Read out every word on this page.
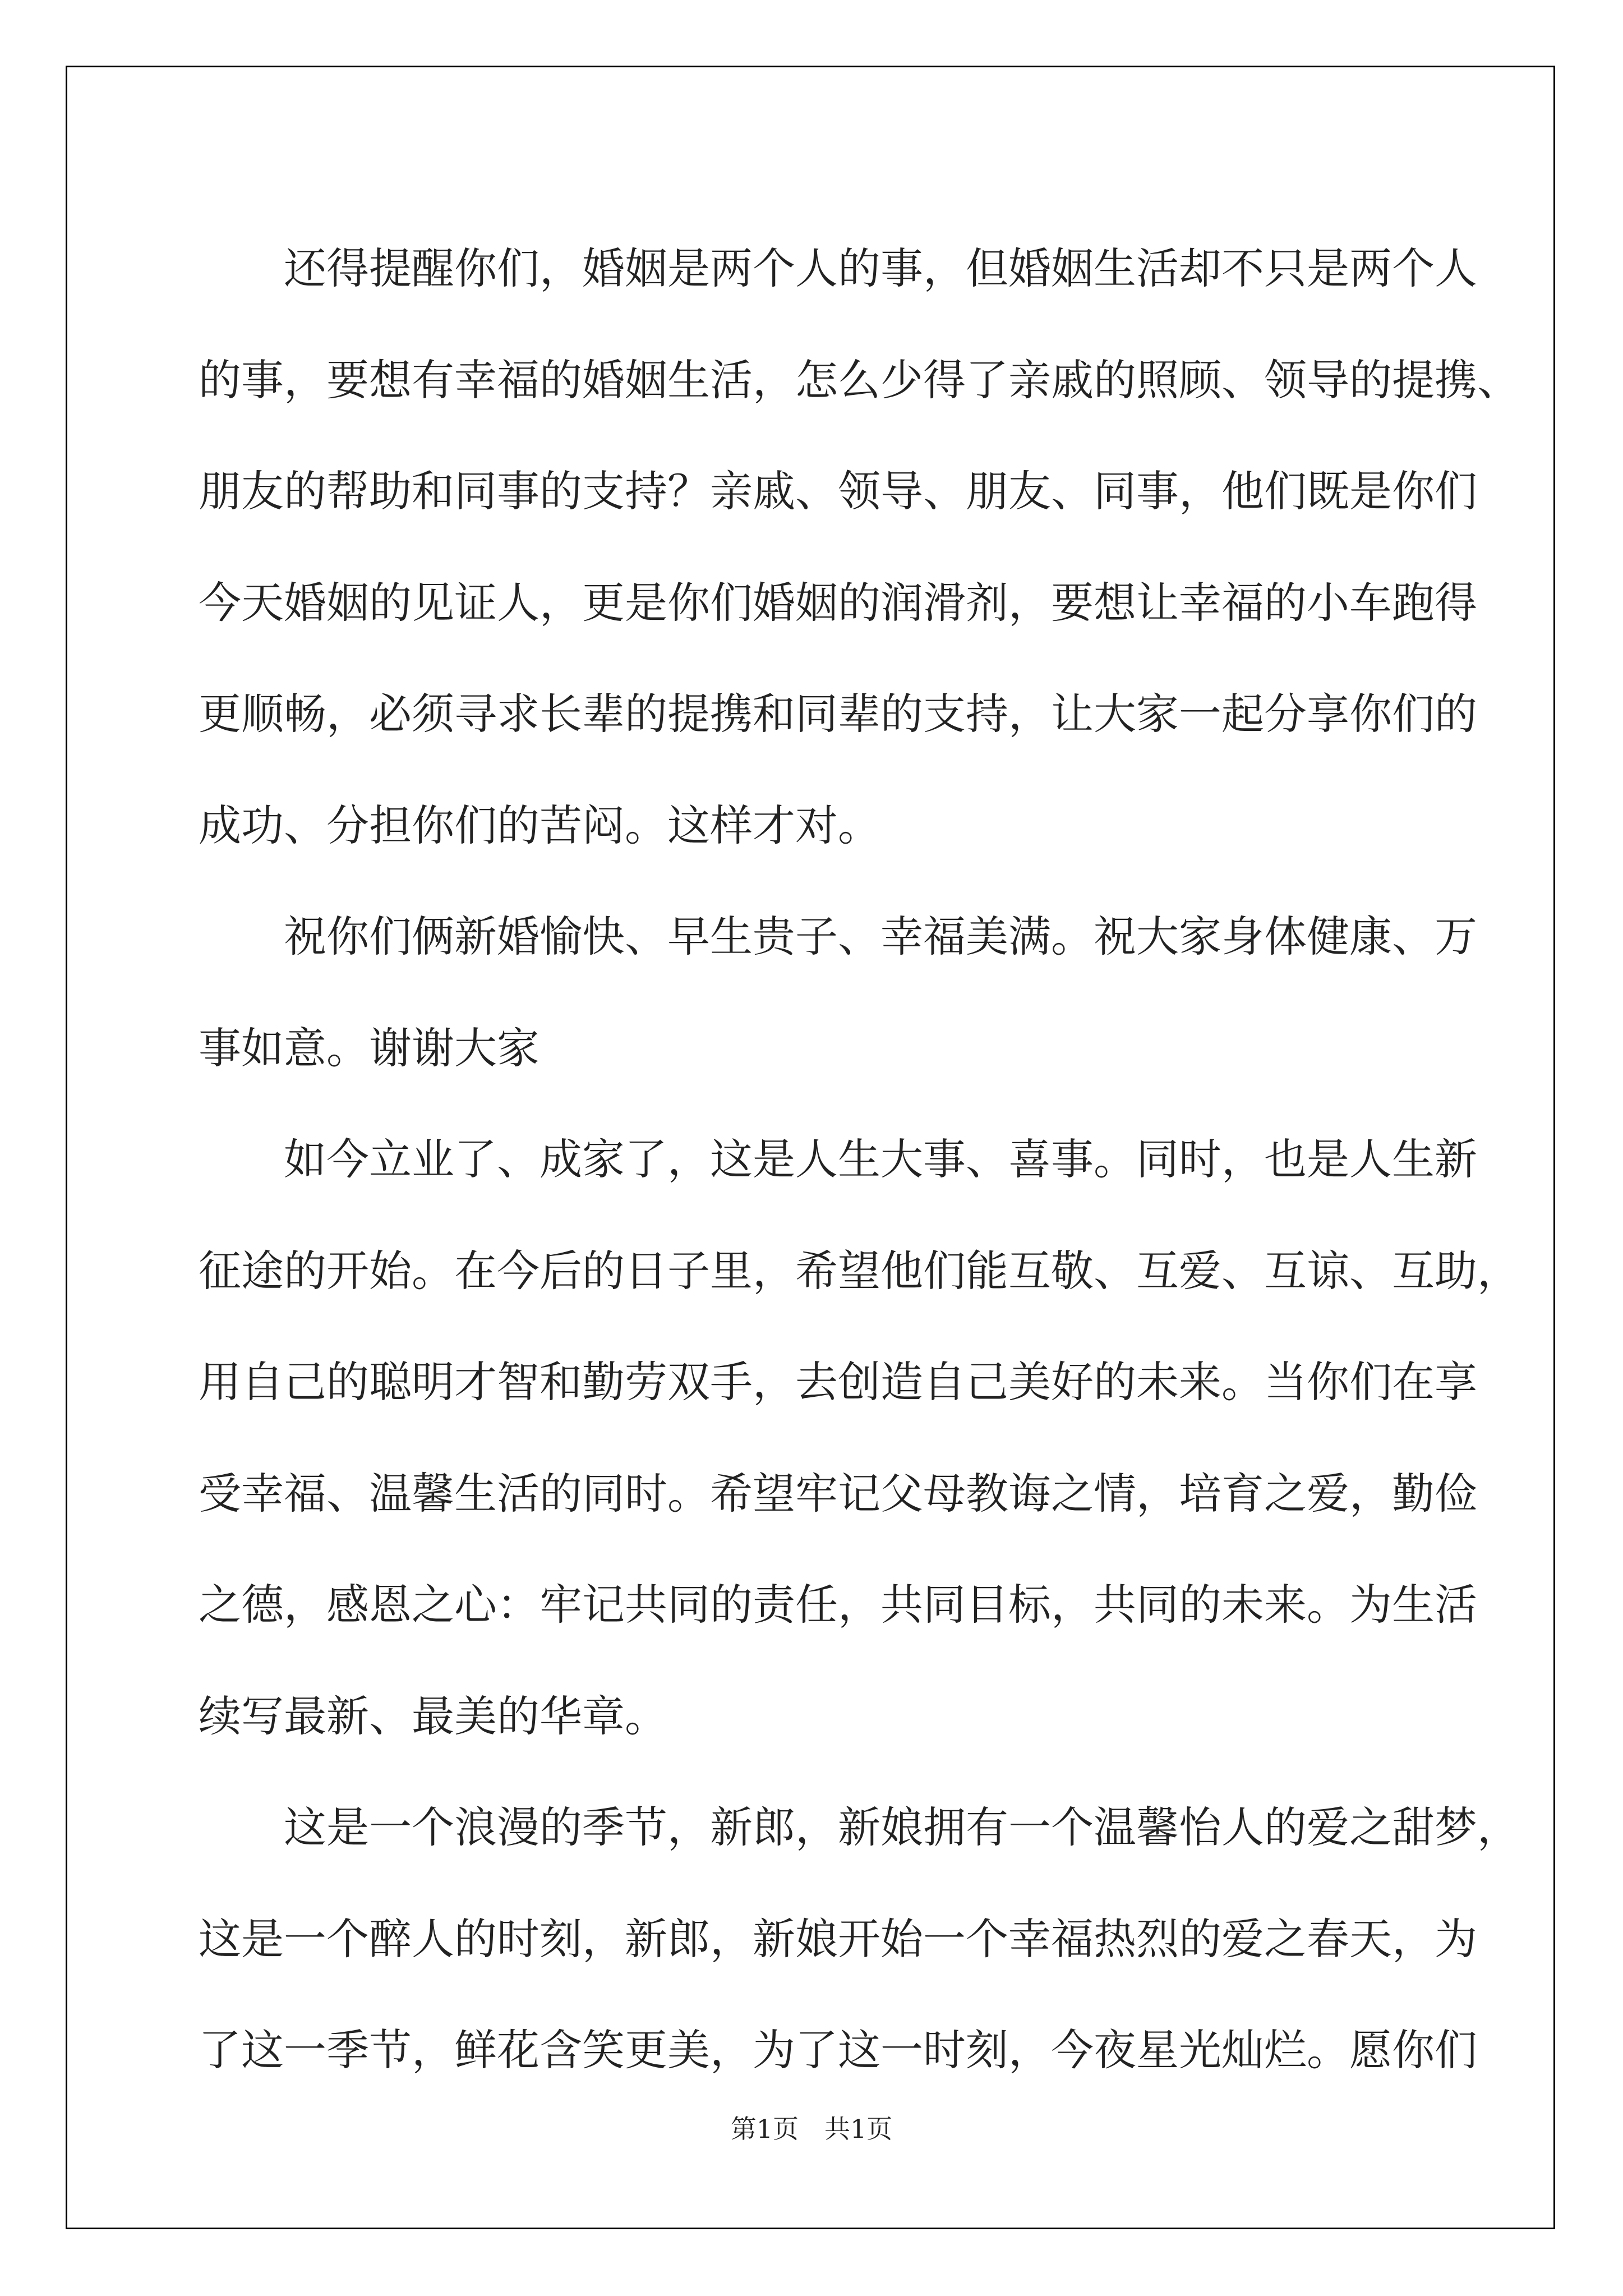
还得提醒你们，婚姻是两个人的事，但婚姻生活却不只是两个人
的事，要想有幸福的婚姻生活，怎么少得了亲戚的照顾、领导的提携、
朋友的帮助和同事的支持？亲戚、领导、朋友、同事，他们既是你们
今天婚姻的见证人，更是你们婚姻的润滑剂，要想让幸福的小车跑得
更顺畅，必须寻求长辈的提携和同辈的支持，让大家一起分享你们的
成功、分担你们的苦闷。这样才对。
祝你们俩新婚愉快、早生贵子、幸福美满。祝大家身体健康、万
事如意。谢谢大家
如今立业了、成家了，这是人生大事、喜事。同时，也是人生新
征途的开始。在今后的日子里，希望他们能互敬、互爱、互谅、互助，
用自己的聪明才智和勤劳双手，去创造自己美好的未来。当你们在享
受幸福、温馨生活的同时。希望牢记父母教诲之情，培育之爱，勤俭
之德，感恩之心：牢记共同的责任，共同目标，共同的未来。为生活
续写最新、最美的华章。
这是一个浪漫的季节，新郎，新娘拥有一个温馨怡人的爱之甜梦，
这是一个醉人的时刻，新郎，新娘开始一个幸福热烈的爱之春天，为
了这一季节，鲜花含笑更美，为了这一时刻，今夜星光灿烂。愿你们
第1页 共1页
